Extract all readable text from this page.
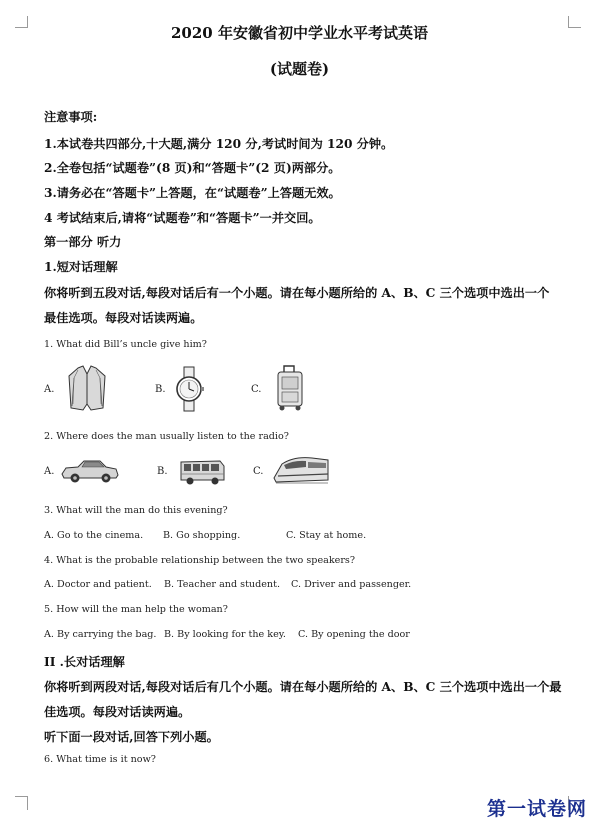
2020 年安徽省初中学业水平考试英语
(试题卷)
注意事项:
1.本试卷共四部分,十大题,满分 120 分,考试时间为 120 分钟。
2.全卷包括“试题卷”(8 页)和“答题卡”(2 页)两部分。
3.请务必在“答题卡”上答题，在“试题卷”上答题无效。
4 考试结束后,请将“试题卷”和“答题卡”一并交回。
第一部分 听力
1.短对话理解
你将听到五段对话,每段对话后有一个小题。请在每小题所给的 A、B、C 三个选项中选出一个
最佳选项。每段对话读两遍。
1. What did Bill’s uncle give him?
A.	B.	C.
2. Where does the man usually listen to the radio?
A.	B.	C.
3. What will the man do this evening?
A. Go to the cinema. B. Go shopping.	C. Stay at home.
4. What is the probable relationship between the two speakers?
A. Doctor and patient. B. Teacher and student. C. Driver and passenger.
5. How will the man help the woman?
A. By carrying the bag. B. By looking for the key. C. By opening the door
II .长对话理解
你将听到两段对话,每段对话后有几个小题。请在每小题所给的 A、B、C 三个选项中选出一个最
佳选项。每段对话读两遍。
听下面一段对话,回答下列小题。
6. What time is it now?
第一试卷网
